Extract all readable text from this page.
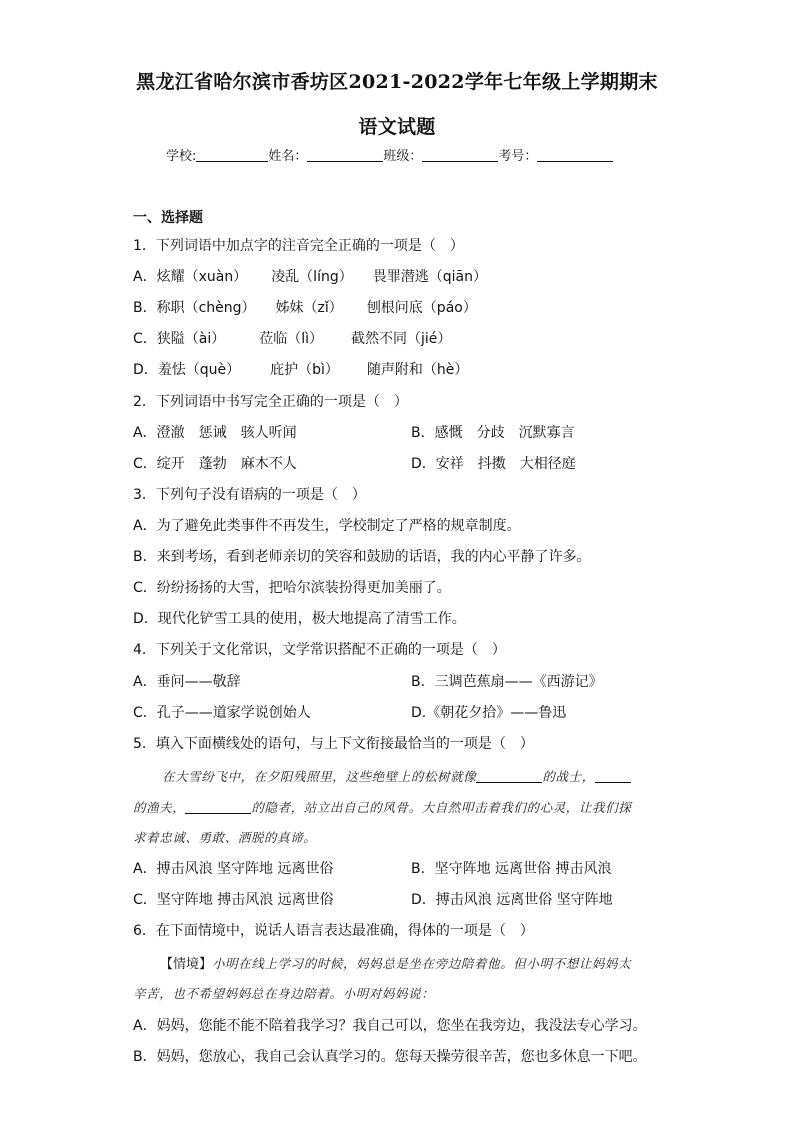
黑龙江省哈尔滨市香坊区2021-2022学年七年级上学期期末
语文试题
学校:	姓名：	班级：	考号：
一、选择题
1．下列词语中加点字的注音完全正确的一项是（　）
A．炫耀（xuàn） 凌乱（líng） 畏罪潜逃（qiān）
B．称职（chèng） 姊妹（zǐ） 刨根问底（páo）
C．狭隘（ài） 莅临（lì） 截然不同（jié）
D．羞怯（què） 庇护（bì） 随声附和（hè）
2．下列词语中书写完全正确的一项是（　）
A．澄澈　惩诫　骇人听闻	B．感慨　分歧　沉默寡言
C．绽开　蓬勃　麻木不人	D．安祥　抖擞　大相径庭
3．下列句子没有语病的一项是（　）
A．为了避免此类事件不再发生，学校制定了严格的规章制度。
B．来到考场，看到老师亲切的笑容和鼓励的话语，我的内心平静了许多。
C．纷纷扬扬的大雪，把哈尔滨装扮得更加美丽了。
D．现代化铲雪工具的使用，极大地提高了清雪工作。
4．下列关于文化常识，文学常识搭配不正确的一项是（　）
A．垂问——敬辞	B．三调芭蕉扇——《西游记》
C．孔子——道家学说创始人	D.《朝花夕拾》——鲁迅
5．填入下面横线处的语句，与上下文衔接最恰当的一项是（　）
在大雪纷飞中，在夕阳残照里，这些绝壁上的松树就像	的战士，
的渔夫，	的隐者，站立出自己的风骨。大自然叩击着我们的心灵，让我们探
求着忠诚、勇敢、洒脱的真谛。
A．搏击风浪 坚守阵地 远离世俗	B．坚守阵地 远离世俗 搏击风浪
C．坚守阵地 搏击风浪 远离世俗	D．搏击风浪 远离世俗 坚守阵地
6．在下面情境中，说话人语言表达最准确，得体的一项是（　）
【情境】小明在线上学习的时候，妈妈总是坐在旁边陪着他。但小明不想让妈妈太
辛苦，也不希望妈妈总在身边陪着。小明对妈妈说：
A．妈妈，您能不能不陪着我学习？我自己可以，您坐在我旁边，我没法专心学习。
B．妈妈，您放心，我自己会认真学习的。您每天操劳很辛苦，您也多休息一下吧。
